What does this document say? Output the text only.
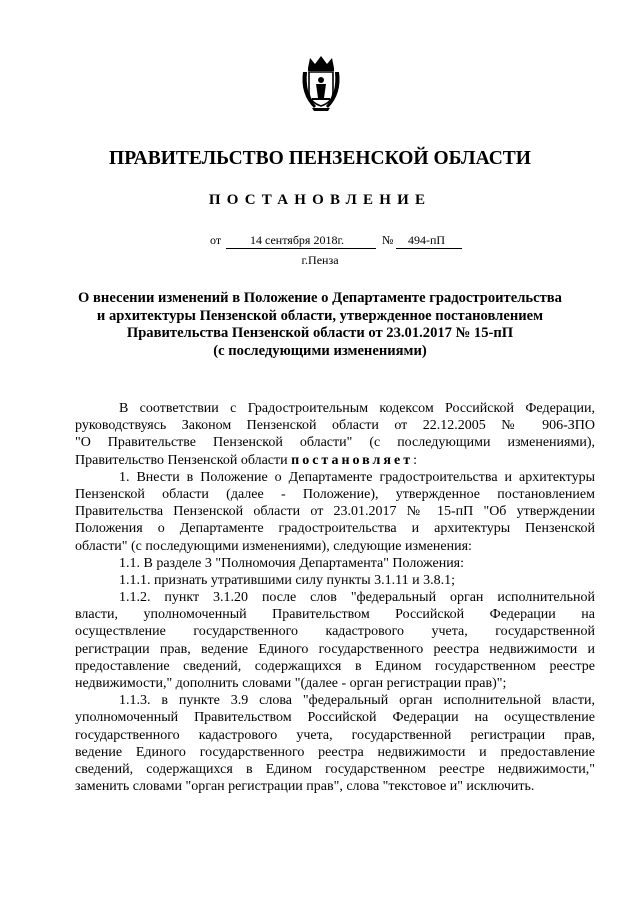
ПРАВИТЕЛЬСТВО ПЕНЗЕНСКОЙ ОБЛАСТИ
ПОСТАНОВЛЕНИЕ
от 14 сентября 2018г.	№ 494-пП
г.Пенза
О внесении изменений в Положение о Департаменте градостроительства
и архитектуры Пензенской области, утвержденное постановлением
Правительства Пензенской области от 23.01.2017 № 15-пП
(с последующими изменениями)
В соответствии с Градостроительным кодексом Российской Федерации,
руководствуясь Законом Пензенской области от 22.12.2005 № 906-ЗПО
"О Правительстве Пензенской области" (с последующими изменениями),
Правительство Пензенской области постановляет:
1. Внести в Положение о Департаменте градостроительства и архитектуры
Пензенской области (далее - Положение), утвержденное постановлением
Правительства Пензенской области от 23.01.2017 № 15-пП "Об утверждении
Положения о Департаменте градостроительства и архитектуры Пензенской
области" (с последующими изменениями), следующие изменения:
1.1. В разделе 3 "Полномочия Департамента" Положения:
1.1.1. признать утратившими силу пункты 3.1.11 и 3.8.1;
1.1.2. пункт 3.1.20 после слов "федеральный орган исполнительной
власти, уполномоченный Правительством Российской Федерации на
осуществление государственного кадастрового учета, государственной
регистрации прав, ведение Единого государственного реестра недвижимости и
предоставление сведений, содержащихся в Едином государственном реестре
недвижимости," дополнить словами "(далее - орган регистрации прав)";
1.1.3. в пункте 3.9 слова "федеральный орган исполнительной власти,
уполномоченный Правительством Российской Федерации на осуществление
государственного кадастрового учета, государственной регистрации прав,
ведение Единого государственного реестра недвижимости и предоставление
сведений, содержащихся в Едином государственном реестре недвижимости,"
заменить словами "орган регистрации прав", слова "текстовое и" исключить.
